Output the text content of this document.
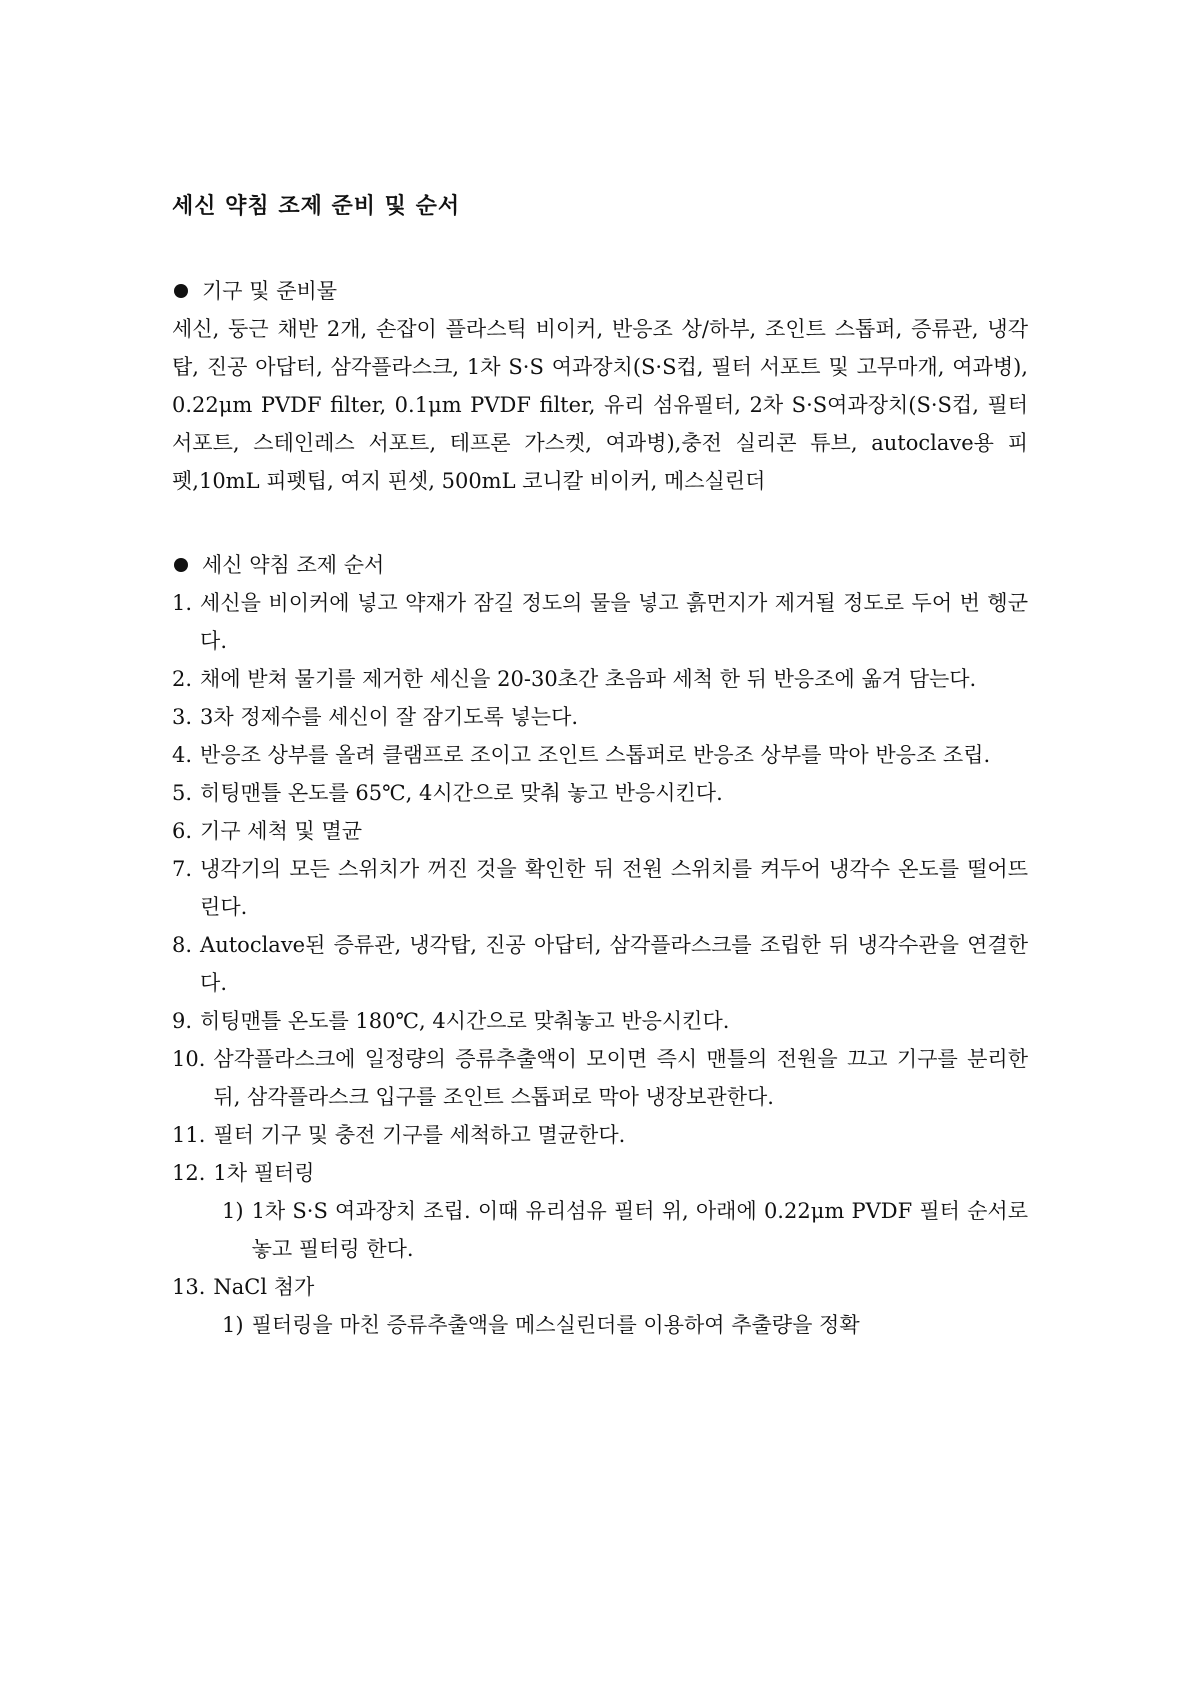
세신 약침 조제 준비 및 순서
기구 및 준비물

세신, 둥근 채반 2개, 손잡이 플라스틱 비이커, 반응조 상/하부, 조인트 스톱퍼, 증류관, 냉각탑, 진공 아답터, 삼각플라스크, 1차 S·S 여과장치(S·S컵, 필터 서포트 및 고무마개, 여과병), 0.22μm PVDF filter, 0.1μm PVDF filter, 유리 섬유필터, 2차 S·S여과장치(S·S컵, 필터 서포트, 스테인레스 서포트, 테프론 가스켓, 여과병),충전 실리콘 튜브, autoclave용 피펫,10mL 피펫팁, 여지 핀셋, 500mL 코니칼 비이커, 메스실린더

세신 약침 조제 순서
1. 세신을 비이커에 넣고 약재가 잠길 정도의 물을 넣고 흙먼지가 제거될 정도로 두어 번 헹군다.
2. 채에 받쳐 물기를 제거한 세신을 20-30초간 초음파 세척 한 뒤 반응조에 옮겨 담는다.
3. 3차 정제수를 세신이 잘 잠기도록 넣는다.
4. 반응조 상부를 올려 클램프로 조이고 조인트 스톱퍼로 반응조 상부를 막아 반응조 조립.
5. 히팅맨틀 온도를 65℃, 4시간으로 맞춰 놓고 반응시킨다.
6. 기구 세척 및 멸균
7. 냉각기의 모든 스위치가 꺼진 것을 확인한 뒤 전원 스위치를 켜두어 냉각수 온도를 떨어뜨린다.
8. Autoclave된 증류관, 냉각탑, 진공 아답터, 삼각플라스크를 조립한 뒤 냉각수관을 연결한다.
9. 히팅맨틀 온도를 180℃, 4시간으로 맞춰놓고 반응시킨다.
10. 삼각플라스크에 일정량의 증류추출액이 모이면 즉시 맨틀의 전원을 끄고 기구를 분리한 뒤, 삼각플라스크 입구를 조인트 스톱퍼로 막아 냉장보관한다.
11. 필터 기구 및 충전 기구를 세척하고 멸균한다.
12. 1차 필터링
1) 1차 S·S 여과장치 조립. 이때 유리섬유 필터 위, 아래에 0.22μm PVDF 필터 순서로 놓고 필터링 한다.
13. NaCl 첨가
1) 필터링을 마친 증류추출액을 메스실린더를 이용하여 추출량을 정확
